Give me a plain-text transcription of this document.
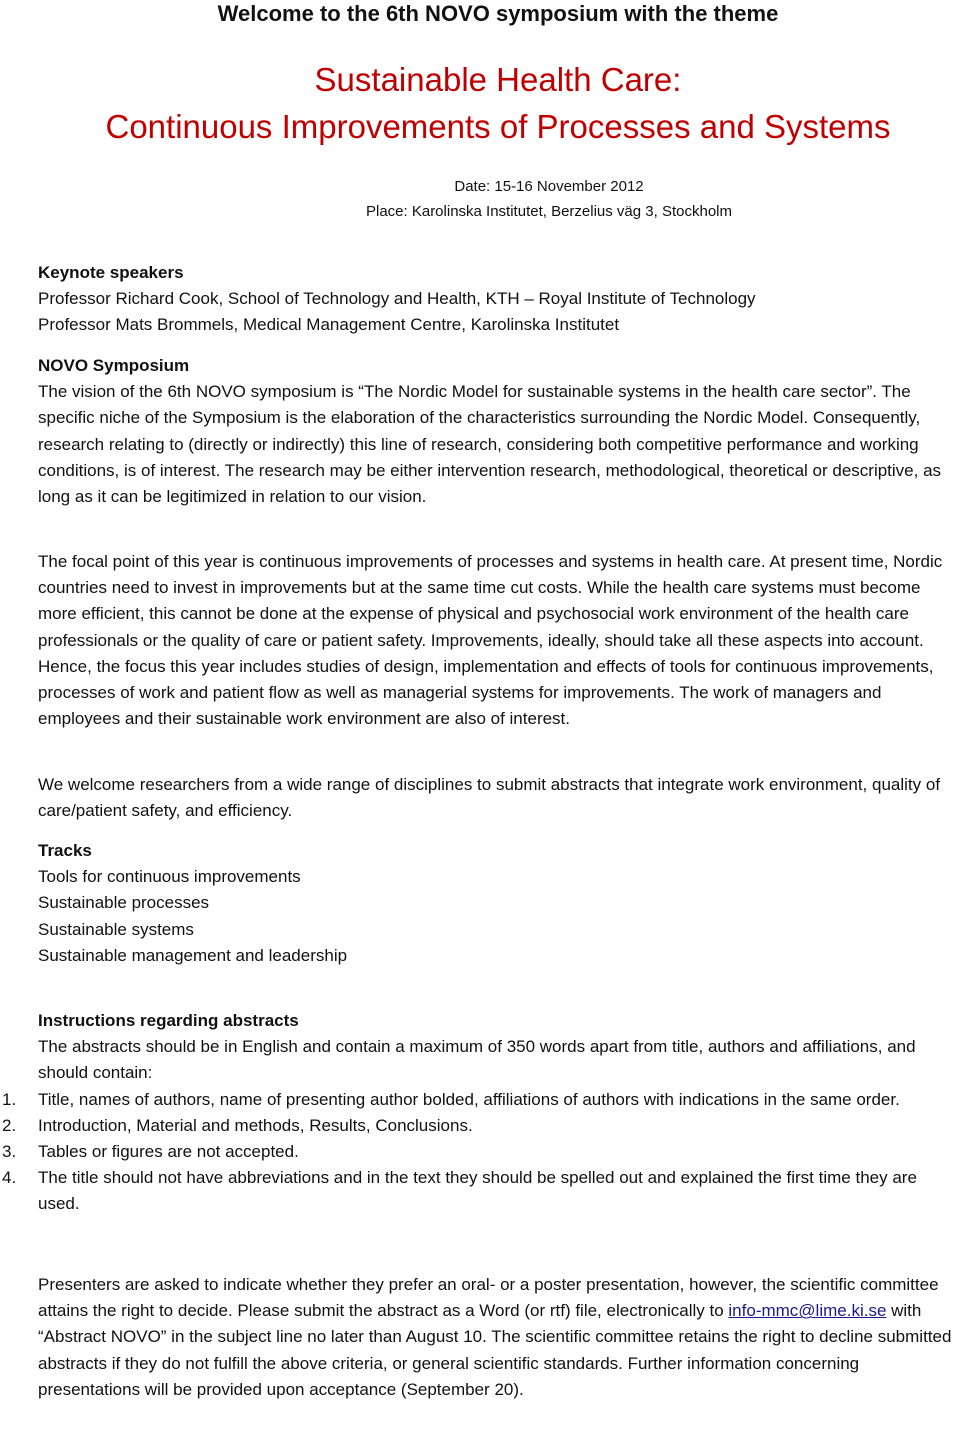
Welcome to the 6th NOVO symposium with the theme
Sustainable Health Care:
Continuous Improvements of Processes and Systems
Date: 15-16 November 2012
Place: Karolinska Institutet, Berzelius väg 3, Stockholm
Keynote speakers
Professor Richard Cook, School of Technology and Health, KTH – Royal Institute of Technology
Professor Mats Brommels, Medical Management Centre, Karolinska Institutet
NOVO Symposium

The vision of the 6th NOVO symposium is “The Nordic Model for sustainable systems in the health care sector”. The specific niche of the Symposium is the elaboration of the characteristics surrounding the Nordic Model. Consequently, research relating to (directly or indirectly) this line of research, considering both competitive performance and working conditions, is of interest. The research may be either intervention research, methodological, theoretical or descriptive, as long as it can be legitimized in relation to our vision.

The focal point of this year is continuous improvements of processes and systems in health care. At present time, Nordic countries need to invest in improvements but at the same time cut costs. While the health care systems must become more efficient, this cannot be done at the expense of physical and psychosocial work environment of the health care professionals or the quality of care or patient safety. Improvements, ideally, should take all these aspects into account. Hence, the focus this year includes studies of design, implementation and effects of tools for continuous improvements, processes of work and patient flow as well as managerial systems for improvements. The work of managers and employees and their sustainable work environment are also of interest.

We welcome researchers from a wide range of disciplines to submit abstracts that integrate work environment, quality of care/patient safety, and efficiency.

Tracks
Tools for continuous improvements
Sustainable processes
Sustainable systems
Sustainable management and leadership
Instructions regarding abstracts

The abstracts should be in English and contain a maximum of 350 words apart from title, authors and affiliations, and should contain:

1.	Title, names of authors, name of presenting author bolded, affiliations of authors with indications in the same order.
2.	Introduction, Material and methods, Results, Conclusions.
3.	Tables or figures are not accepted.
4.	The title should not have abbreviations and in the text they should be spelled out and explained the first time they are used.

Presenters are asked to indicate whether they prefer an oral- or a poster presentation, however, the scientific committee attains the right to decide. Please submit the abstract as a Word (or rtf) file, electronically to info-mmc@lime.ki.se with “Abstract NOVO” in the subject line no later than August 10. The scientific committee retains the right to decline submitted abstracts if they do not fulfill the above criteria, or general scientific standards. Further information concerning presentations will be provided upon acceptance (September 20).
